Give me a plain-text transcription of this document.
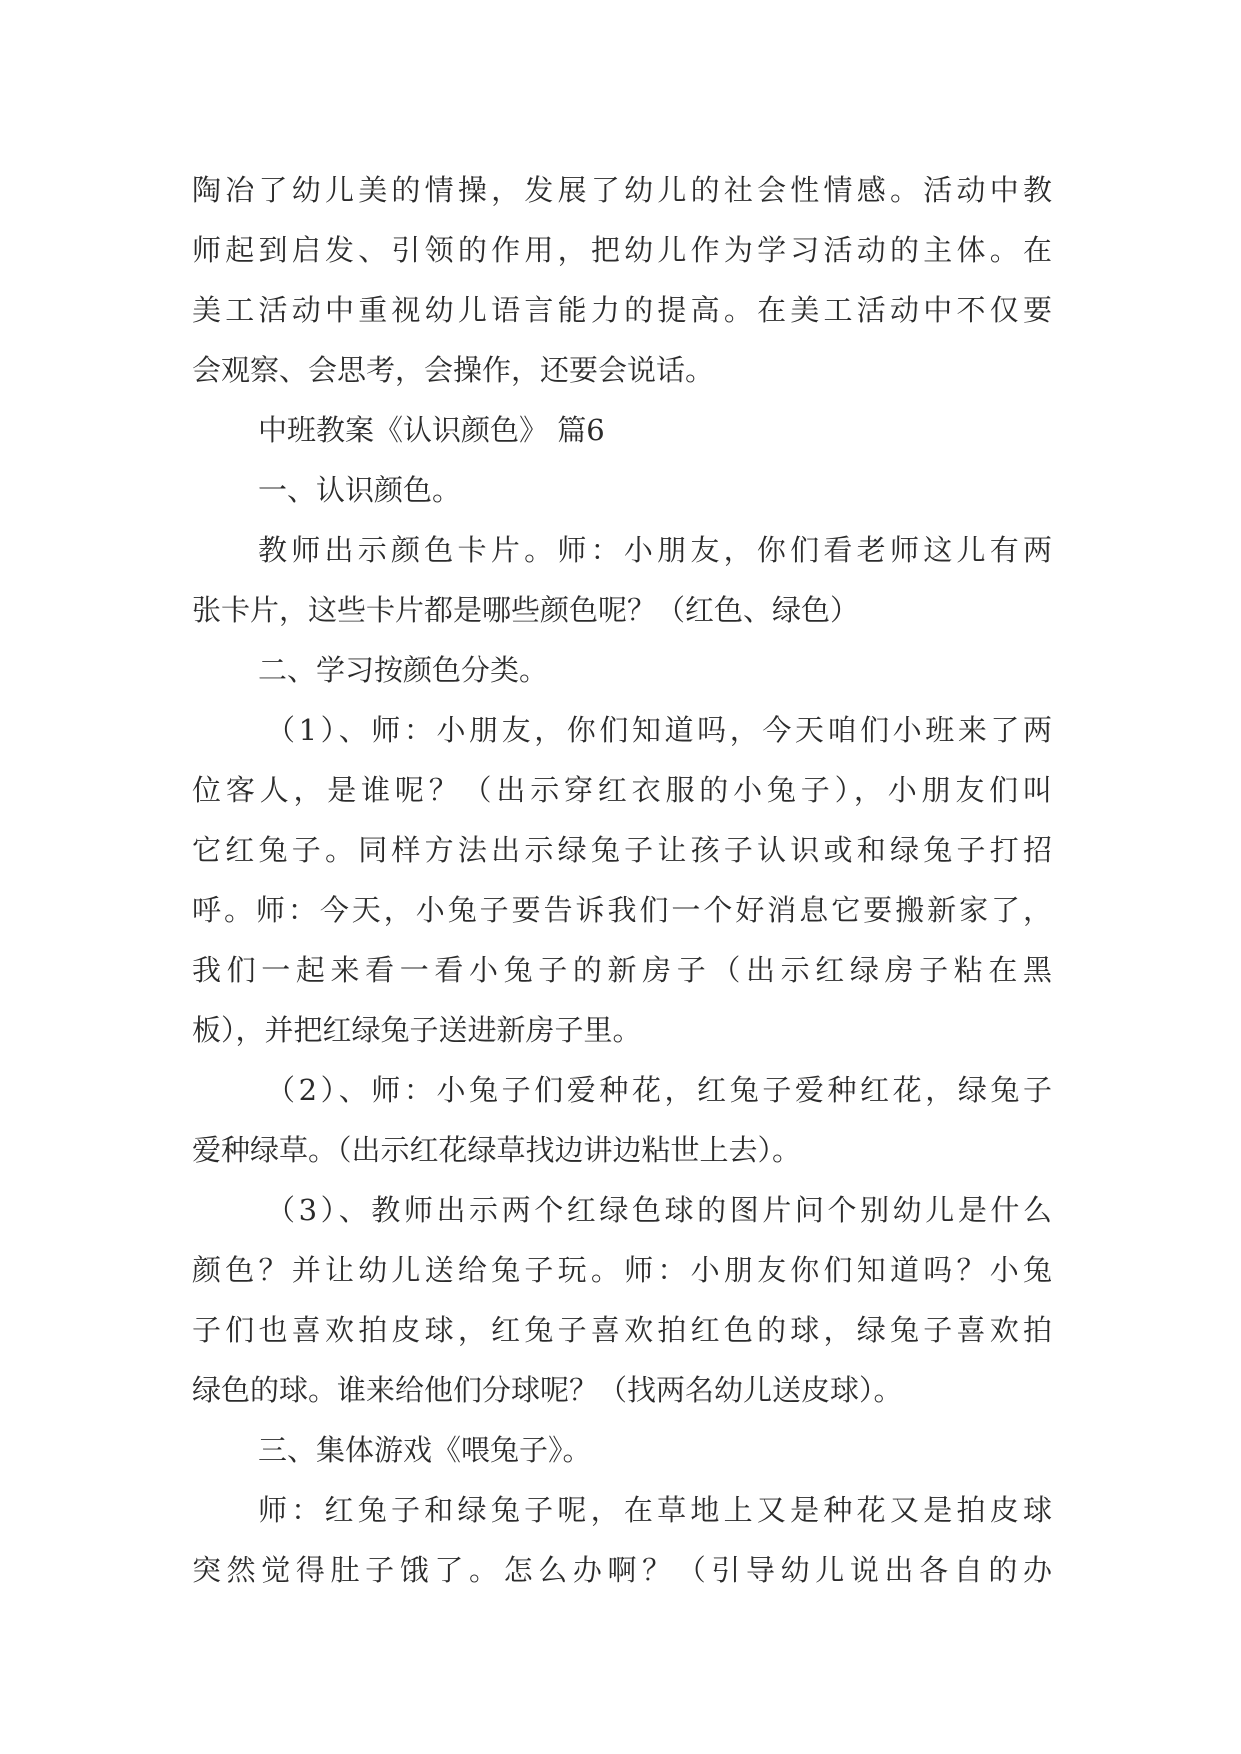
陶冶了幼儿美的情操，发展了幼儿的社会性情感。活动中教
师起到启发、引领的作用，把幼儿作为学习活动的主体。在
美工活动中重视幼儿语言能力的提高。在美工活动中不仅要
会观察、会思考，会操作，还要会说话。
中班教案《认识颜色》 篇6
一、认识颜色。
教师出示颜色卡片。师：小朋友，你们看老师这儿有两
张卡片，这些卡片都是哪些颜色呢？（红色、绿色）
二、学习按颜色分类。
（1）、师：小朋友，你们知道吗，今天咱们小班来了两
位客人，是谁呢？（出示穿红衣服的小兔子），小朋友们叫
它红兔子。同样方法出示绿兔子让孩子认识或和绿兔子打招
呼。师：今天，小兔子要告诉我们一个好消息它要搬新家了，
我们一起来看一看小兔子的新房子（出示红绿房子粘在黑
板），并把红绿兔子送进新房子里。
（2）、师：小兔子们爱种花，红兔子爱种红花，绿兔子
爱种绿草。（出示红花绿草找边讲边粘世上去）。
（3）、教师出示两个红绿色球的图片问个别幼儿是什么
颜色？并让幼儿送给兔子玩。师：小朋友你们知道吗？小兔
子们也喜欢拍皮球，红兔子喜欢拍红色的球，绿兔子喜欢拍
绿色的球。谁来给他们分球呢？（找两名幼儿送皮球）。
三、集体游戏《喂兔子》。
师：红兔子和绿兔子呢，在草地上又是种花又是拍皮球
突然觉得肚子饿了。怎么办啊？（引导幼儿说出各自的办
